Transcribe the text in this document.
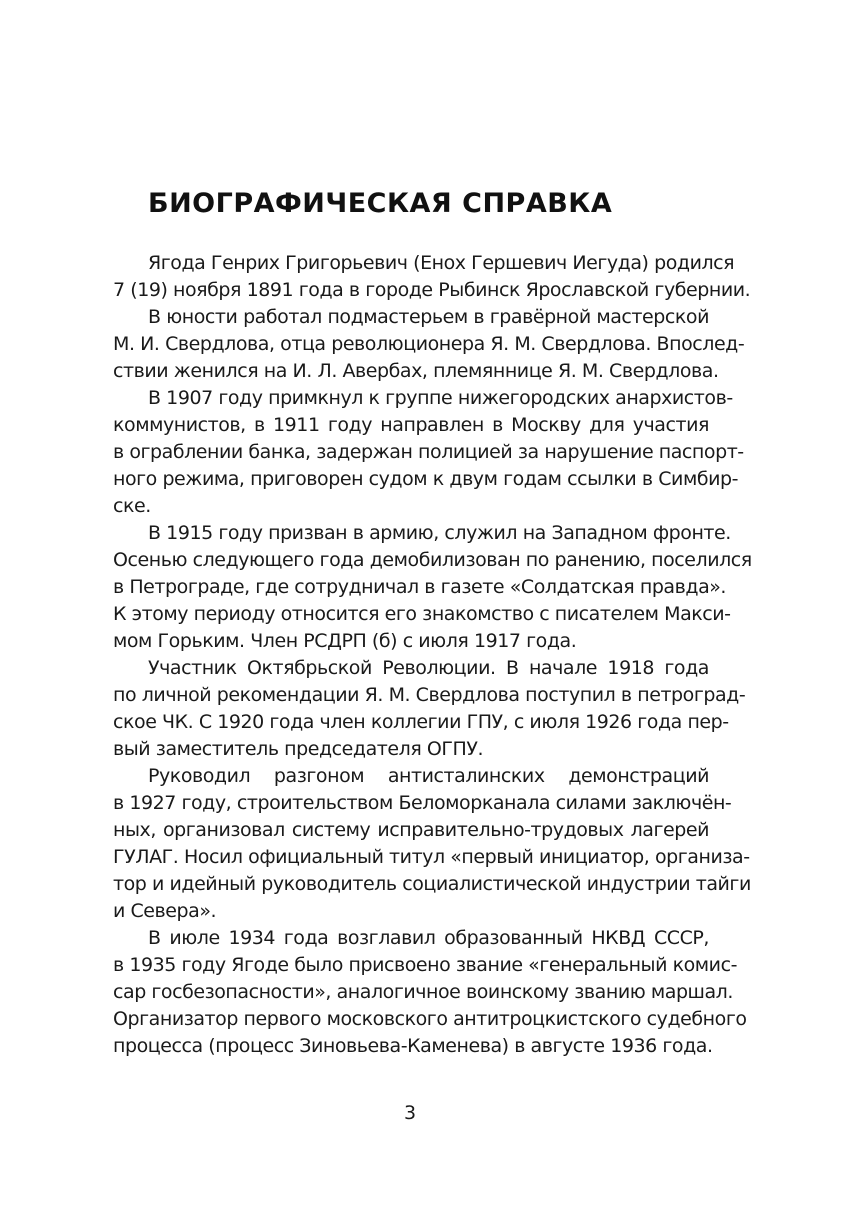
БИОГРАФИЧЕСКАЯ СПРАВКА
Ягода Генрих Григорьевич (Енох Гершевич Иегуда) родился
7 (19) ноября 1891 года в городе Рыбинск Ярославской губернии.
В юности работал подмастерьем в гравёрной мастерской
М. И. Свердлова, отца революционера Я. М. Свердлова. Впослед-
ствии женился на И. Л. Авербах, племяннице Я. М. Свердлова.
В 1907 году примкнул к группе нижегородских анархистов-
коммунистов, в 1911 году направлен в Москву для участия
в ограблении банка, задержан полицией за нарушение паспорт-
ного режима, приговорен судом к двум годам ссылки в Симбир-
ске.
В 1915 году призван в армию, служил на Западном фронте.
Осенью следующего года демобилизован по ранению, поселился
в Петрограде, где сотрудничал в газете «Солдатская правда».
К этому периоду относится его знакомство с писателем Макси-
мом Горьким. Член РСДРП (б) с июля 1917 года.
Участник Октябрьской Революции. В начале 1918 года
по личной рекомендации Я. М. Свердлова поступил в петроград-
ское ЧК. С 1920 года член коллегии ГПУ, с июля 1926 года пер-
вый заместитель председателя ОГПУ.
Руководил разгоном антисталинских демонстраций
в 1927 году, строительством Беломорканала силами заключён-
ных, организовал систему исправительно-трудовых лагерей
ГУЛАГ. Носил официальный титул «первый инициатор, организа-
тор и идейный руководитель социалистической индустрии тайги
и Севера».
В июле 1934 года возглавил образованный НКВД СССР,
в 1935 году Ягоде было присвоено звание «генеральный комис-
сар госбезопасности», аналогичное воинскому званию маршал.
Организатор первого московского антитроцкистского судебного
процесса (процесс Зиновьева-Каменева) в августе 1936 года.
3
